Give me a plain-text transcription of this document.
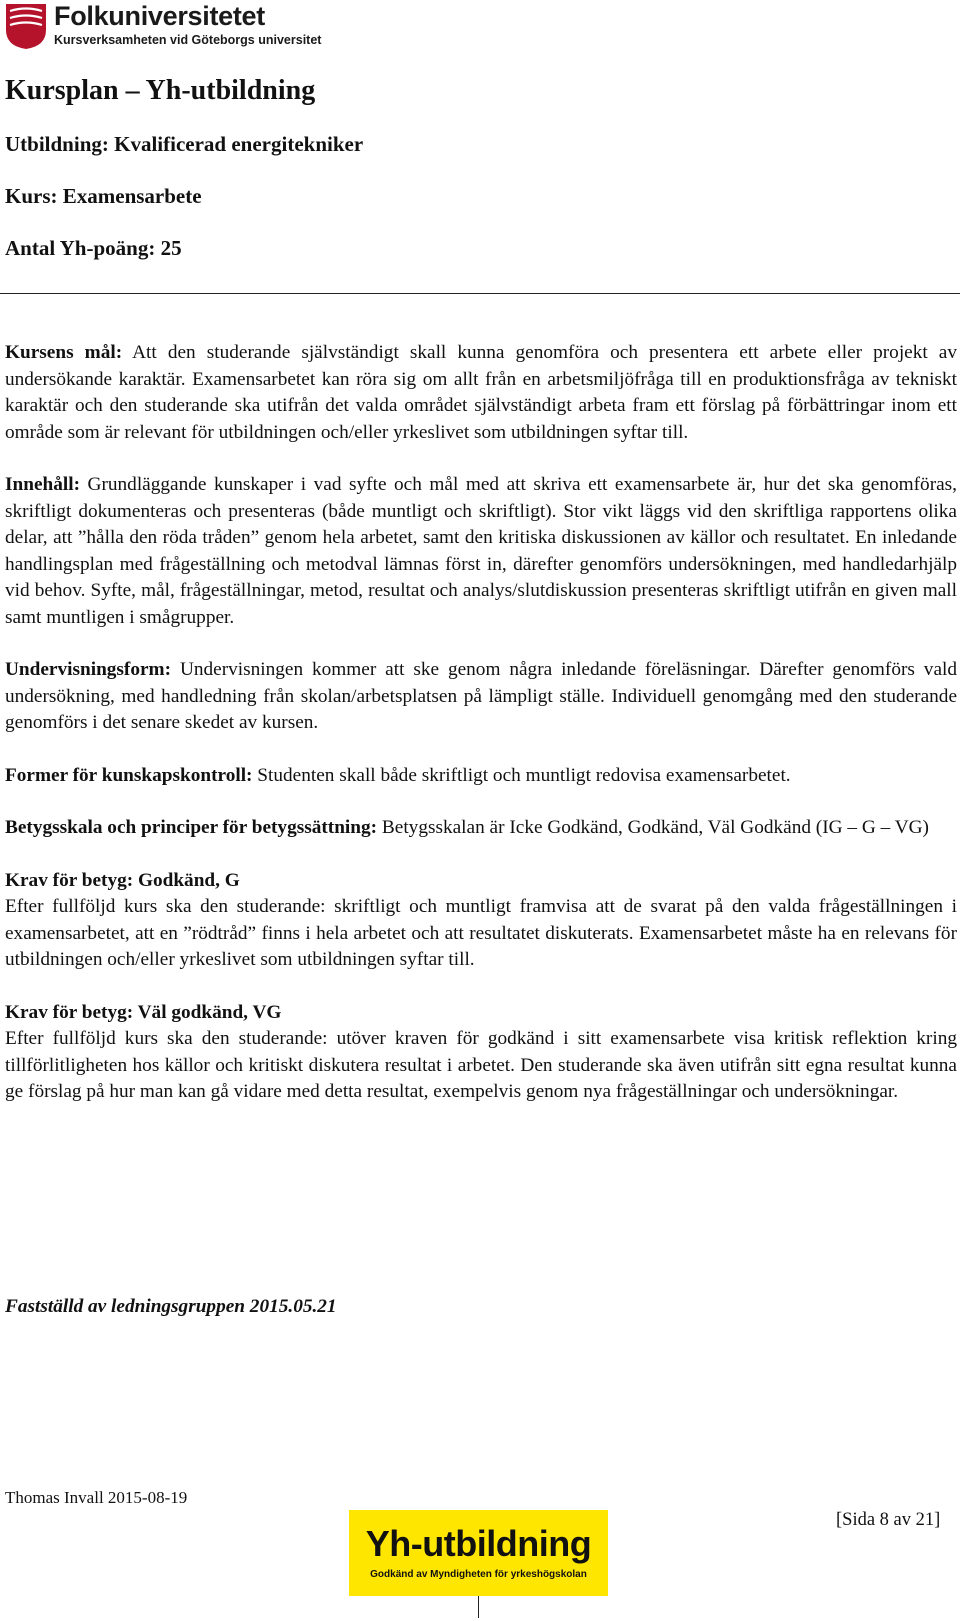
Folkuniversitetet
Kursverksamheten vid Göteborgs universitet
Kursplan – Yh-utbildning

Utbildning: Kvalificerad energitekniker

Kurs: Examensarbete

Antal Yh-poäng: 25

Kursens mål: Att den studerande självständigt skall kunna genomföra och presentera ett arbete eller projekt av undersökande karaktär. Examensarbetet kan röra sig om allt från en arbetsmiljöfråga till en produktionsfråga av tekniskt karaktär och den studerande ska utifrån det valda området självständigt arbeta fram ett förslag på förbättringar inom ett område som är relevant för utbildningen och/eller yrkeslivet som utbildningen syftar till.

Innehåll: Grundläggande kunskaper i vad syfte och mål med att skriva ett examensarbete är, hur det ska genomföras, skriftligt dokumenteras och presenteras (både muntligt och skriftligt). Stor vikt läggs vid den skriftliga rapportens olika delar, att ”hålla den röda tråden” genom hela arbetet, samt den kritiska diskussionen av källor och resultatet. En inledande handlingsplan med frågeställning och metodval lämnas först in, därefter genomförs undersökningen, med handledarhjälp vid behov. Syfte, mål, frågeställningar, metod, resultat och analys/slutdiskussion presenteras skriftligt utifrån en given mall samt muntligen i smågrupper.

Undervisningsform: Undervisningen kommer att ske genom några inledande föreläsningar. Därefter genomförs vald undersökning, med handledning från skolan/arbetsplatsen på lämpligt ställe. Individuell genomgång med den studerande genomförs i det senare skedet av kursen.

Former för kunskapskontroll: Studenten skall både skriftligt och muntligt redovisa examensarbetet.

Betygsskala och principer för betygssättning: Betygsskalan är Icke Godkänd, Godkänd, Väl Godkänd (IG – G – VG)

Krav för betyg: Godkänd, G
Efter fullföljd kurs ska den studerande: skriftligt och muntligt framvisa att de svarat på den valda frågeställningen i examensarbetet, att en ”rödtråd” finns i hela arbetet och att resultatet diskuterats. Examensarbetet måste ha en relevans för utbildningen och/eller yrkeslivet som utbildningen syftar till.

Krav för betyg: Väl godkänd, VG
Efter fullföljd kurs ska den studerande: utöver kraven för godkänd i sitt examensarbete visa kritisk reflektion kring tillförlitligheten hos källor och kritiskt diskutera resultat i arbetet. Den studerande ska även utifrån sitt egna resultat kunna ge förslag på hur man kan gå vidare med detta resultat, exempelvis genom nya frågeställningar och undersökningar.

Fastställd av ledningsgruppen 2015.05.21

Thomas Invall 2015-08-19
Yh-utbildning
Godkänd av Myndigheten för yrkeshögskolan
[Sida 8 av 21]
